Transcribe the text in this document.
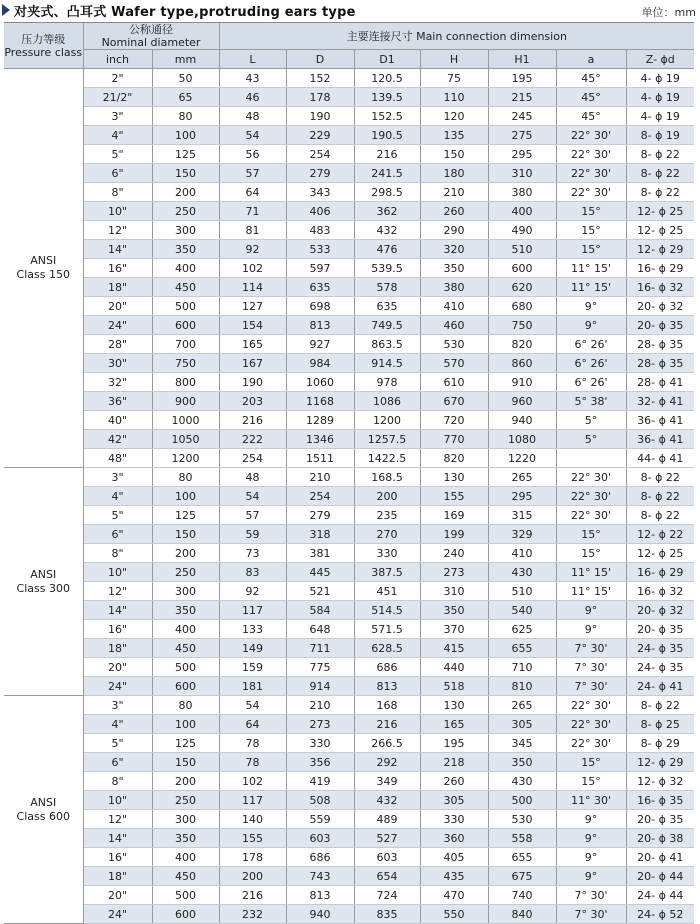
对夹式、凸耳式 Wafer type,protruding ears type	单位：mm
压力等级
Pressure class	公称通径
Nominal diameter		主要连接尺寸 Main connection dimension						
	inch	mm	L	D	D1	H	H1	a	Z- ϕd
ANSI
Class 150	2"	50	43	152	120.5	75	195	45°	4- ϕ 19
	21/2"	65	46	178	139.5	110	215	45°	4- ϕ 19
	3"	80	48	190	152.5	120	245	45°	4- ϕ 19
	4"	100	54	229	190.5	135	275	22° 30'	8- ϕ 19
	5"	125	56	254	216	150	295	22° 30'	8- ϕ 22
	6"	150	57	279	241.5	180	310	22° 30'	8- ϕ 22
	8"	200	64	343	298.5	210	380	22° 30'	8- ϕ 22
	10"	250	71	406	362	260	400	15°	12- ϕ 25
	12"	300	81	483	432	290	490	15°	12- ϕ 25
	14"	350	92	533	476	320	510	15°	12- ϕ 29
	16"	400	102	597	539.5	350	600	11° 15'	16- ϕ 29
	18"	450	114	635	578	380	620	11° 15'	16- ϕ 32
	20"	500	127	698	635	410	680	9°	20- ϕ 32
	24"	600	154	813	749.5	460	750	9°	20- ϕ 35
	28"	700	165	927	863.5	530	820	6° 26'	28- ϕ 35
	30"	750	167	984	914.5	570	860	6° 26'	28- ϕ 35
	32"	800	190	1060	978	610	910	6° 26'	28- ϕ 41
	36"	900	203	1168	1086	670	960	5° 38'	32- ϕ 41
	40"	1000	216	1289	1200	720	940	5°	36- ϕ 41
	42"	1050	222	1346	1257.5	770	1080	5°	36- ϕ 41
	48"	1200	254	1511	1422.5	820	1220		44- ϕ 41
ANSI
Class 300	3"	80	48	210	168.5	130	265	22° 30'	8- ϕ 22
	4"	100	54	254	200	155	295	22° 30'	8- ϕ 22
	5"	125	57	279	235	169	315	22° 30'	8- ϕ 22
	6"	150	59	318	270	199	329	15°	12- ϕ 22
	8"	200	73	381	330	240	410	15°	12- ϕ 25
	10"	250	83	445	387.5	273	430	11° 15'	16- ϕ 29
	12"	300	92	521	451	310	510	11° 15'	16- ϕ 32
	14"	350	117	584	514.5	350	540	9°	20- ϕ 32
	16"	400	133	648	571.5	370	625	9°	20- ϕ 35
	18"	450	149	711	628.5	415	655	7° 30'	24- ϕ 35
	20"	500	159	775	686	440	710	7° 30'	24- ϕ 35
	24"	600	181	914	813	518	810	7° 30'	24- ϕ 41
ANSI
Class 600	3"	80	54	210	168	130	265	22° 30'	8- ϕ 22
	4"	100	64	273	216	165	305	22° 30'	8- ϕ 25
	5"	125	78	330	266.5	195	345	22° 30'	8- ϕ 29
	6"	150	78	356	292	218	350	15°	12- ϕ 29
	8"	200	102	419	349	260	430	15°	12- ϕ 32
	10"	250	117	508	432	305	500	11° 30'	16- ϕ 35
	12"	300	140	559	489	330	530	9°	20- ϕ 35
	14"	350	155	603	527	360	558	9°	20- ϕ 38
	16"	400	178	686	603	405	655	9°	20- ϕ 41
	18"	450	200	743	654	435	675	9°	20- ϕ 44
	20"	500	216	813	724	470	740	7° 30'	24- ϕ 44
	24"	600	232	940	835	550	840	7° 30'	24- ϕ 52
